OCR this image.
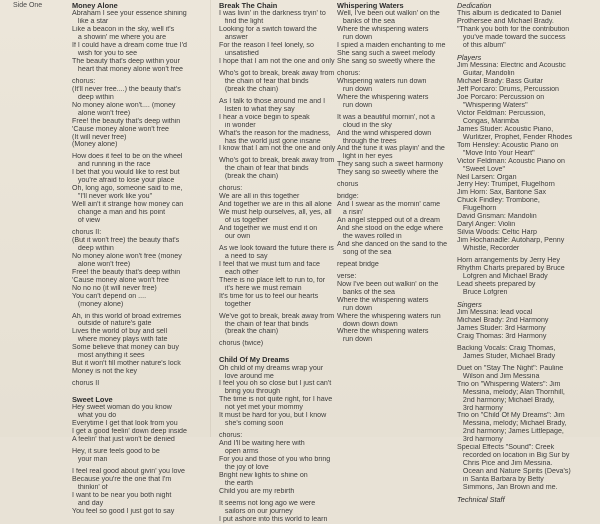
Side One	Money Alone
Abraham I see your essence shining
like a star
Like a beacon in the sky, well it's
a showin' me where you are
If I could have a dream come true I'd
wish for you to see
The beauty that's deep within your
heart that money alone won't free
chorus:
(It'll never free....) the beauty that's
deep within
No money alone won't.... (money
alone won't free)
Free! the beauty that's deep within
'Cause money alone won't free
(It will never free)
(Money alone)
How does it feel to be on the wheel
and running in the race
I bet that you would like to rest but
you're afraid to lose your place
Oh, long ago, someone said to me,
"I'll never work like you"
Well ain't it strange how money can
change a man and his point
of view
chorus II:
(But it won't free) the beauty that's
deep within
No money alone won't free (money
alone won't free)
Free! the beauty that's deep within
'Cause money alone won't free
No no no (it will never free)
You can't depend on ....
(money alone)
Ah, in this world of broad extremes
outside of nature's gate
Lives the world of buy and sell
where money plays with fate
Some believe that money can buy
most anything it sees
But it won't fill mother nature's lock
Money is not the key
chorus II
Sweet Love
Hey sweet woman do you know
what you do
Everytime I get that look from you
I get a good feelin' down deep inside
A feelin' that just won't be denied
Hey, it sure feels good to be
your man
I feel real good about givin' you love
Because you're the one that I'm
thinkin' of
I want to be near you both night
and day
You feel so good I just got to say
Break The Chain
I was livin' in the darkness tryin' to
find the light
Looking for a switch toward the
answer
For the reason I feel lonely, so
unsatisfied
I hope that I am not the one and only
Who's got to break, break away from
the chain of fear that binds
(break the chain)
As I talk to those around me and I
listen to what they say
I hear a voice begin to speak
in wonder
What's the reason for the madness,
has the world just gone insane
I know that I am not the one and only
Who's got to break, break away from
the chain of fear that binds
(break the chain)
chorus:
We are all in this together
And together we are in this all alone
We must help ourselves, all, yes, all
of us together
And together we must end it on
our own
As we look toward the future there is
a need to say
I feel that we must turn and face
each other
There is no place left to run to, for
it's here we must remain
It's time for us to feel our hearts
together
We've got to break, break away from
the chain of fear that binds
(break the chain)
chorus (twice)
Child Of My Dreams
Oh child of my dreams wrap your
love around me
I feel you oh so close but I just can't
bring you through
The time is not quite right, for I have
not yet met your mommy
It must be hard for you, but I know
she's coming soon
chorus:
And I'll be waiting here with
open arms
For you and those of you who bring
the joy of love
Bright new lights to shine on
the earth
Child you are my rebirth
It seems not long ago we were
sailors on our journey
I put ashore into this world to learn
Whispering Waters
Well, I've been out walkin' on the
banks of the sea
Where the whispering waters
run down
I spied a maiden enchanting to me
She sang such a sweet melody
She sang so sweetly where the
chorus:
Whispering waters run down
run down
Where the whispering waters
run down
It was a beautiful mornin', not a
cloud in the sky
And the wind whispered down
through the trees
And the tune it was playin' and the
light in her eyes
They sang such a sweet harmony
They sang so sweetly where the
chorus
bridge:
And I swear as the mornin' came
a risin'
An angel stepped out of a dream
And she stood on the edge where
the waves rolled in
And she danced on the sand to the
song of the sea
repeat bridge
verse:
Now I've been out walkin' on the
banks of the sea
Where the whispering waters
run down
Where the whispering waters run
down down down
Where the whispering waters
run down
Dedication
This album is dedicated to Daniel
Prothersee and Michael Brady.
"Thank you both for the contribution
you've made toward the success
of this album"
Players
Jim Messina: Electric and Acoustic
Guitar, Mandolin
Michael Brady: Bass Guitar
Jeff Porcaro: Drums, Percussion
Joe Porcaro: Percussion on
"Whispering Waters"
Victor Feldman: Percussion,
Congas, Marimba
James Studer: Acoustic Piano,
Wurlitzer, Prophet, Fender Rhodes
Tom Hensley: Acoustic Piano on
"Move Into Your Heart"
Victor Feldman: Acoustic Piano on
"Sweet Love"
Neil Larsen: Organ
Jerry Hey: Trumpet, Flugelhorn
Jim Horn: Sax, Baritone Sax
Chuck Findley: Trombone,
Flugelhorn
David Grisman: Mandolin
Daryl Anger: Violin
Silvia Woods: Celtic Harp
Jim Hochanadle: Autoharp, Penny
Whistle, Recorder
Horn arrangements by Jerry Hey
Rhythm Charts prepared by Bruce
Lofgren and Michael Brady
Lead sheets prepared by
Bruce Lofgren
Singers
Jim Messina: lead vocal
Michael Brady: 2nd Harmony
James Studer: 3rd Harmony
Craig Thomas: 3rd Harmony
Backing Vocals: Craig Thomas,
James Studer, Michael Brady
Duet on "Stay The Night": Pauline
Wilson and Jim Messina
Trio on "Whispering Waters": Jim
Messina, melody; Alan Thornhill,
2nd harmony; Michael Brady,
3rd harmony
Trio on "Child Of My Dreams": Jim
Messina, melody; Michael Brady,
2nd harmony; James Littlepage,
3rd harmony
Special Effects "Sound": Creek
recorded on location in Big Sur by
Chris Pice and Jim Messina.
Ocean and Nature Spirits (Deva's)
in Santa Barbara by Betty
Simmons, Jan Brown and me.
Technical Staff
